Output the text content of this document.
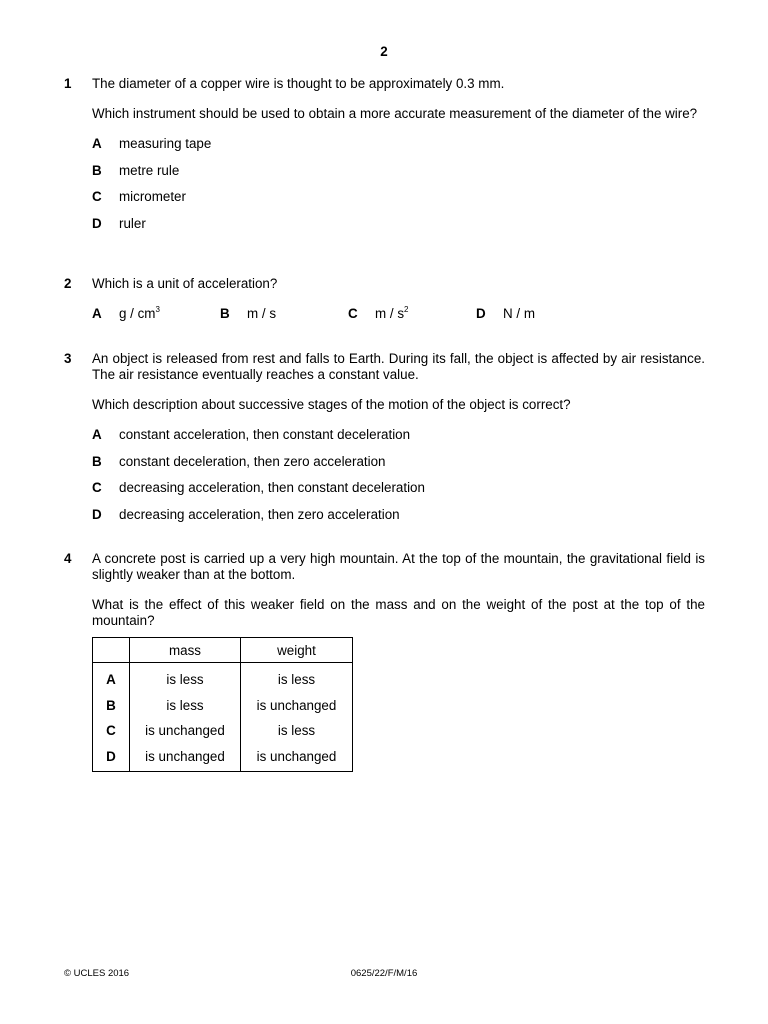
2
1 The diameter of a copper wire is thought to be approximately 0.3 mm.

Which instrument should be used to obtain a more accurate measurement of the diameter of the wire?

A	measuring tape
B	metre rule
C	micrometer
D	ruler
2 Which is a unit of acceleration?

A	g / $cm^3$	B	m / s	C	m / $s^2$	D	N / m
3 An object is released from rest and falls to Earth. During its fall, the object is affected by air resistance. The air resistance eventually reaches a constant value.

Which description about successive stages of the motion of the object is correct?

A	constant acceleration, then constant deceleration
B	constant deceleration, then zero acceleration
C	decreasing acceleration, then constant deceleration
D	decreasing acceleration, then zero acceleration
4 A concrete post is carried up a very high mountain. At the top of the mountain, the gravitational field is slightly weaker than at the bottom.

What is the effect of this weaker field on the mass and on the weight of the post at the top of the mountain?

	mass	weight
A	is less	is less
B	is less	is unchanged
C	is unchanged	is less
D	is unchanged	is unchanged
© UCLES 2016	0625/22/F/M/16
